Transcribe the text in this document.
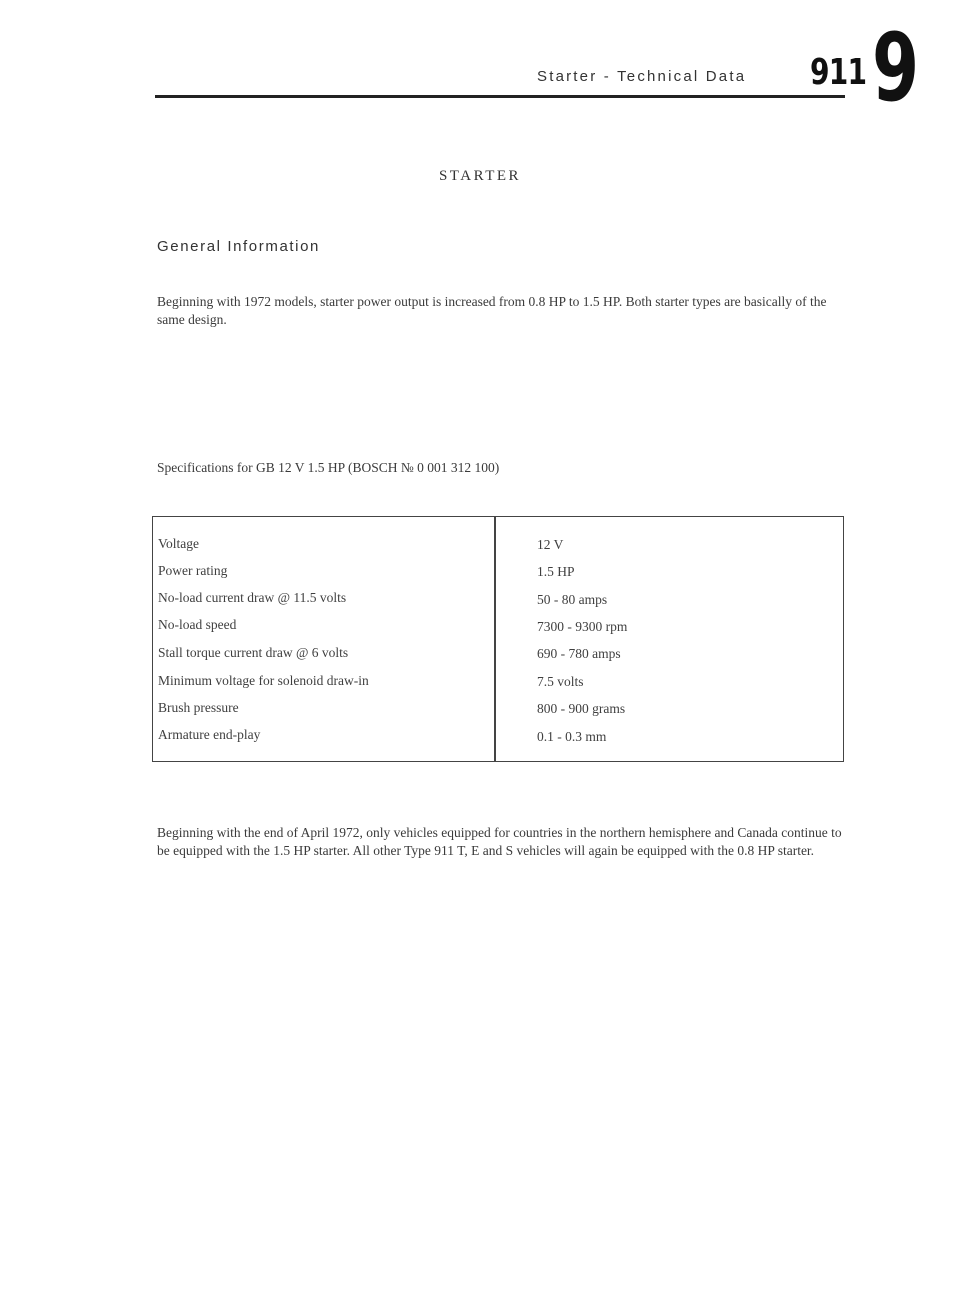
Starter - Technical Data 911 9
STARTER
General Information
Beginning with 1972 models, starter power output is increased from 0.8 HP to 1.5 HP. Both starter types are basically of the same design.
Specifications for GB 12 V 1.5 HP (BOSCH № 0 001 312 100)
Voltage
Power rating
No-load current draw @ 11.5 volts
No-load speed
Stall torque current draw @ 6 volts
Minimum voltage for solenoid draw-in
Brush pressure
Armature end-play
12 V
1.5 HP
50 - 80 amps
7300 - 9300 rpm
690 - 780 amps
7.5 volts
800 - 900 grams
0.1 - 0.3 mm
Beginning with the end of April 1972, only vehicles equipped for countries in the northern hemisphere and Canada continue to be equipped with the 1.5 HP starter. All other Type 911 T, E and S vehicles will again be equipped with the 0.8 HP starter.
